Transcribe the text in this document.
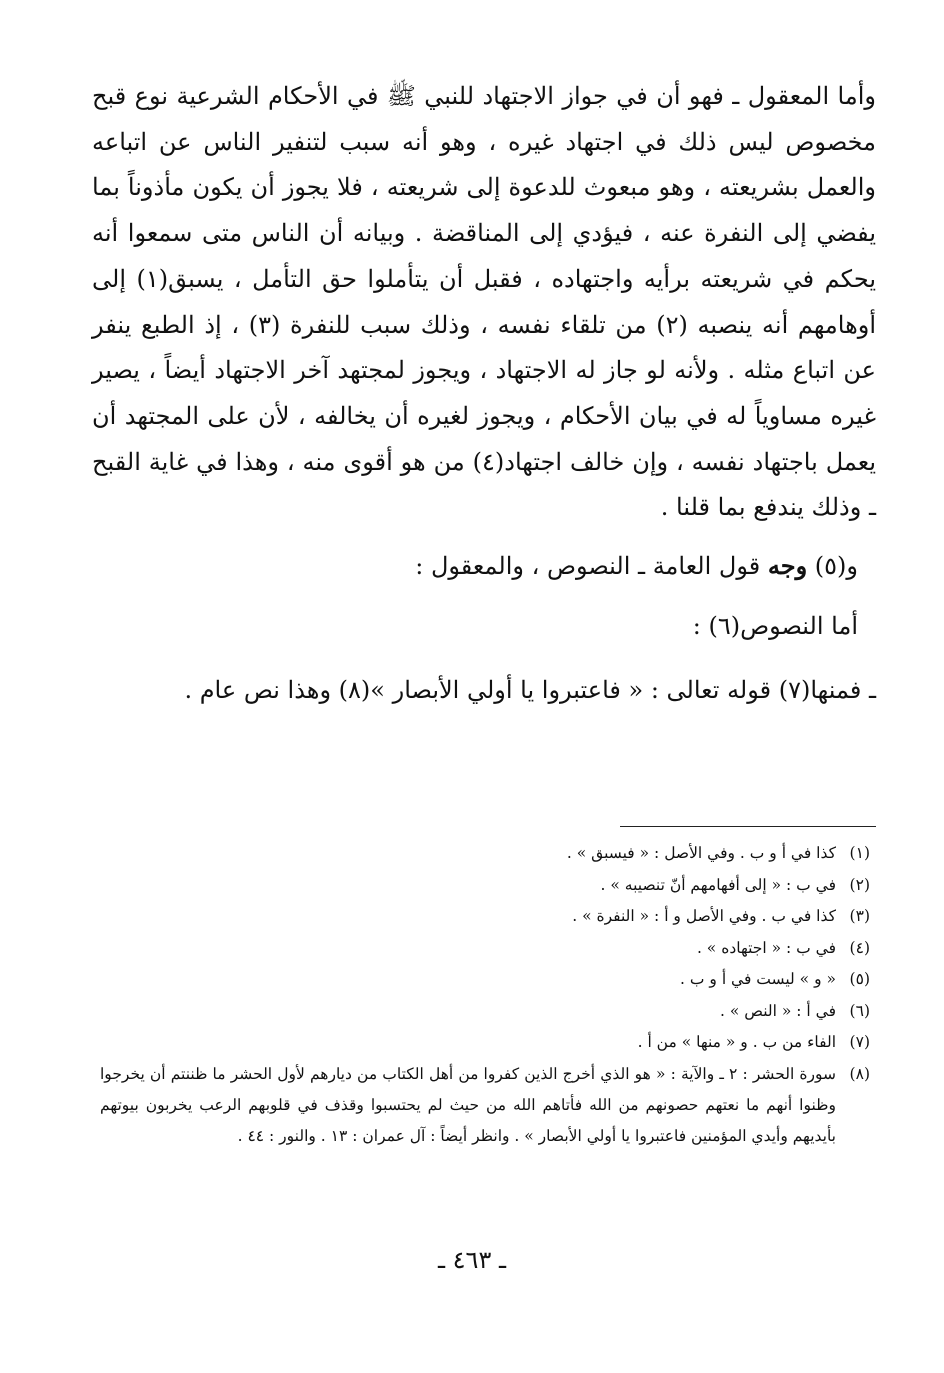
وأما المعقول ـ فهو أن في جواز الاجتهاد للنبي ﷺ في الأحكام الشرعية نوع قبح مخصوص ليس ذلك في اجتهاد غيره ، وهو أنه سبب لتنفير الناس عن اتباعه والعمل بشريعته ، وهو مبعوث للدعوة إلى شريعته ، فلا يجوز أن يكون مأذوناً بما يفضي إلى النفرة عنه ، فيؤدي إلى المناقضة . وبيانه أن الناس متى سمعوا أنه يحكم في شريعته برأيه واجتهاده ، فقبل أن يتأملوا حق التأمل ، يسبق(١) إلى أوهامهم أنه ينصبه (٢) من تلقاء نفسه ، وذلك سبب للنفرة (٣) ، إذ الطبع ينفر عن اتباع مثله . ولأنه لو جاز له الاجتهاد ، ويجوز لمجتهد آخر الاجتهاد أيضاً ، يصير غيره مساوياً له في بيان الأحكام ، ويجوز لغيره أن يخالفه ، لأن على المجتهد أن يعمل باجتهاد نفسه ، وإن خالف اجتهاد(٤) من هو أقوى منه ، وهذا في غاية القبح ـ وذلك يندفع بما قلنا .

و(٥) وجه قول العامة ـ النصوص ، والمعقول :

أما النصوص(٦) :

ـ فمنها(٧) قوله تعالى : « فاعتبروا يا أولي الأبصار »(٨) وهذا نص عام .

(١)
كذا في أ و ب . وفي الأصل : « فيسبق » .
(٢)
في ب : « إلى أفهامهم أنّ تنصيبه » .
(٣)
كذا في ب . وفي الأصل و أ : « النفرة » .
(٤)
في ب : « اجتهاده » .
(٥)
« و » ليست في أ و ب .
(٦)
في أ : « النص » .
(٧)
الفاء من ب . و « منها » من أ .
(٨)
سورة الحشر : ٢ ـ والآية : « هو الذي أخرج الذين كفروا من أهل الكتاب من ديارهم لأول الحشر ما ظننتم أن يخرجوا وظنوا أنهم ما نعتهم حصونهم من الله فأتاهم الله من حيث لم يحتسبوا وقذف في قلوبهم الرعب يخربون بيوتهم بأيديهم وأيدي المؤمنين فاعتبروا يا أولي الأبصار » . وانظر أيضاً : آل عمران : ١٣ . والنور : ٤٤ .
ـ ٤٦٣ ـ
